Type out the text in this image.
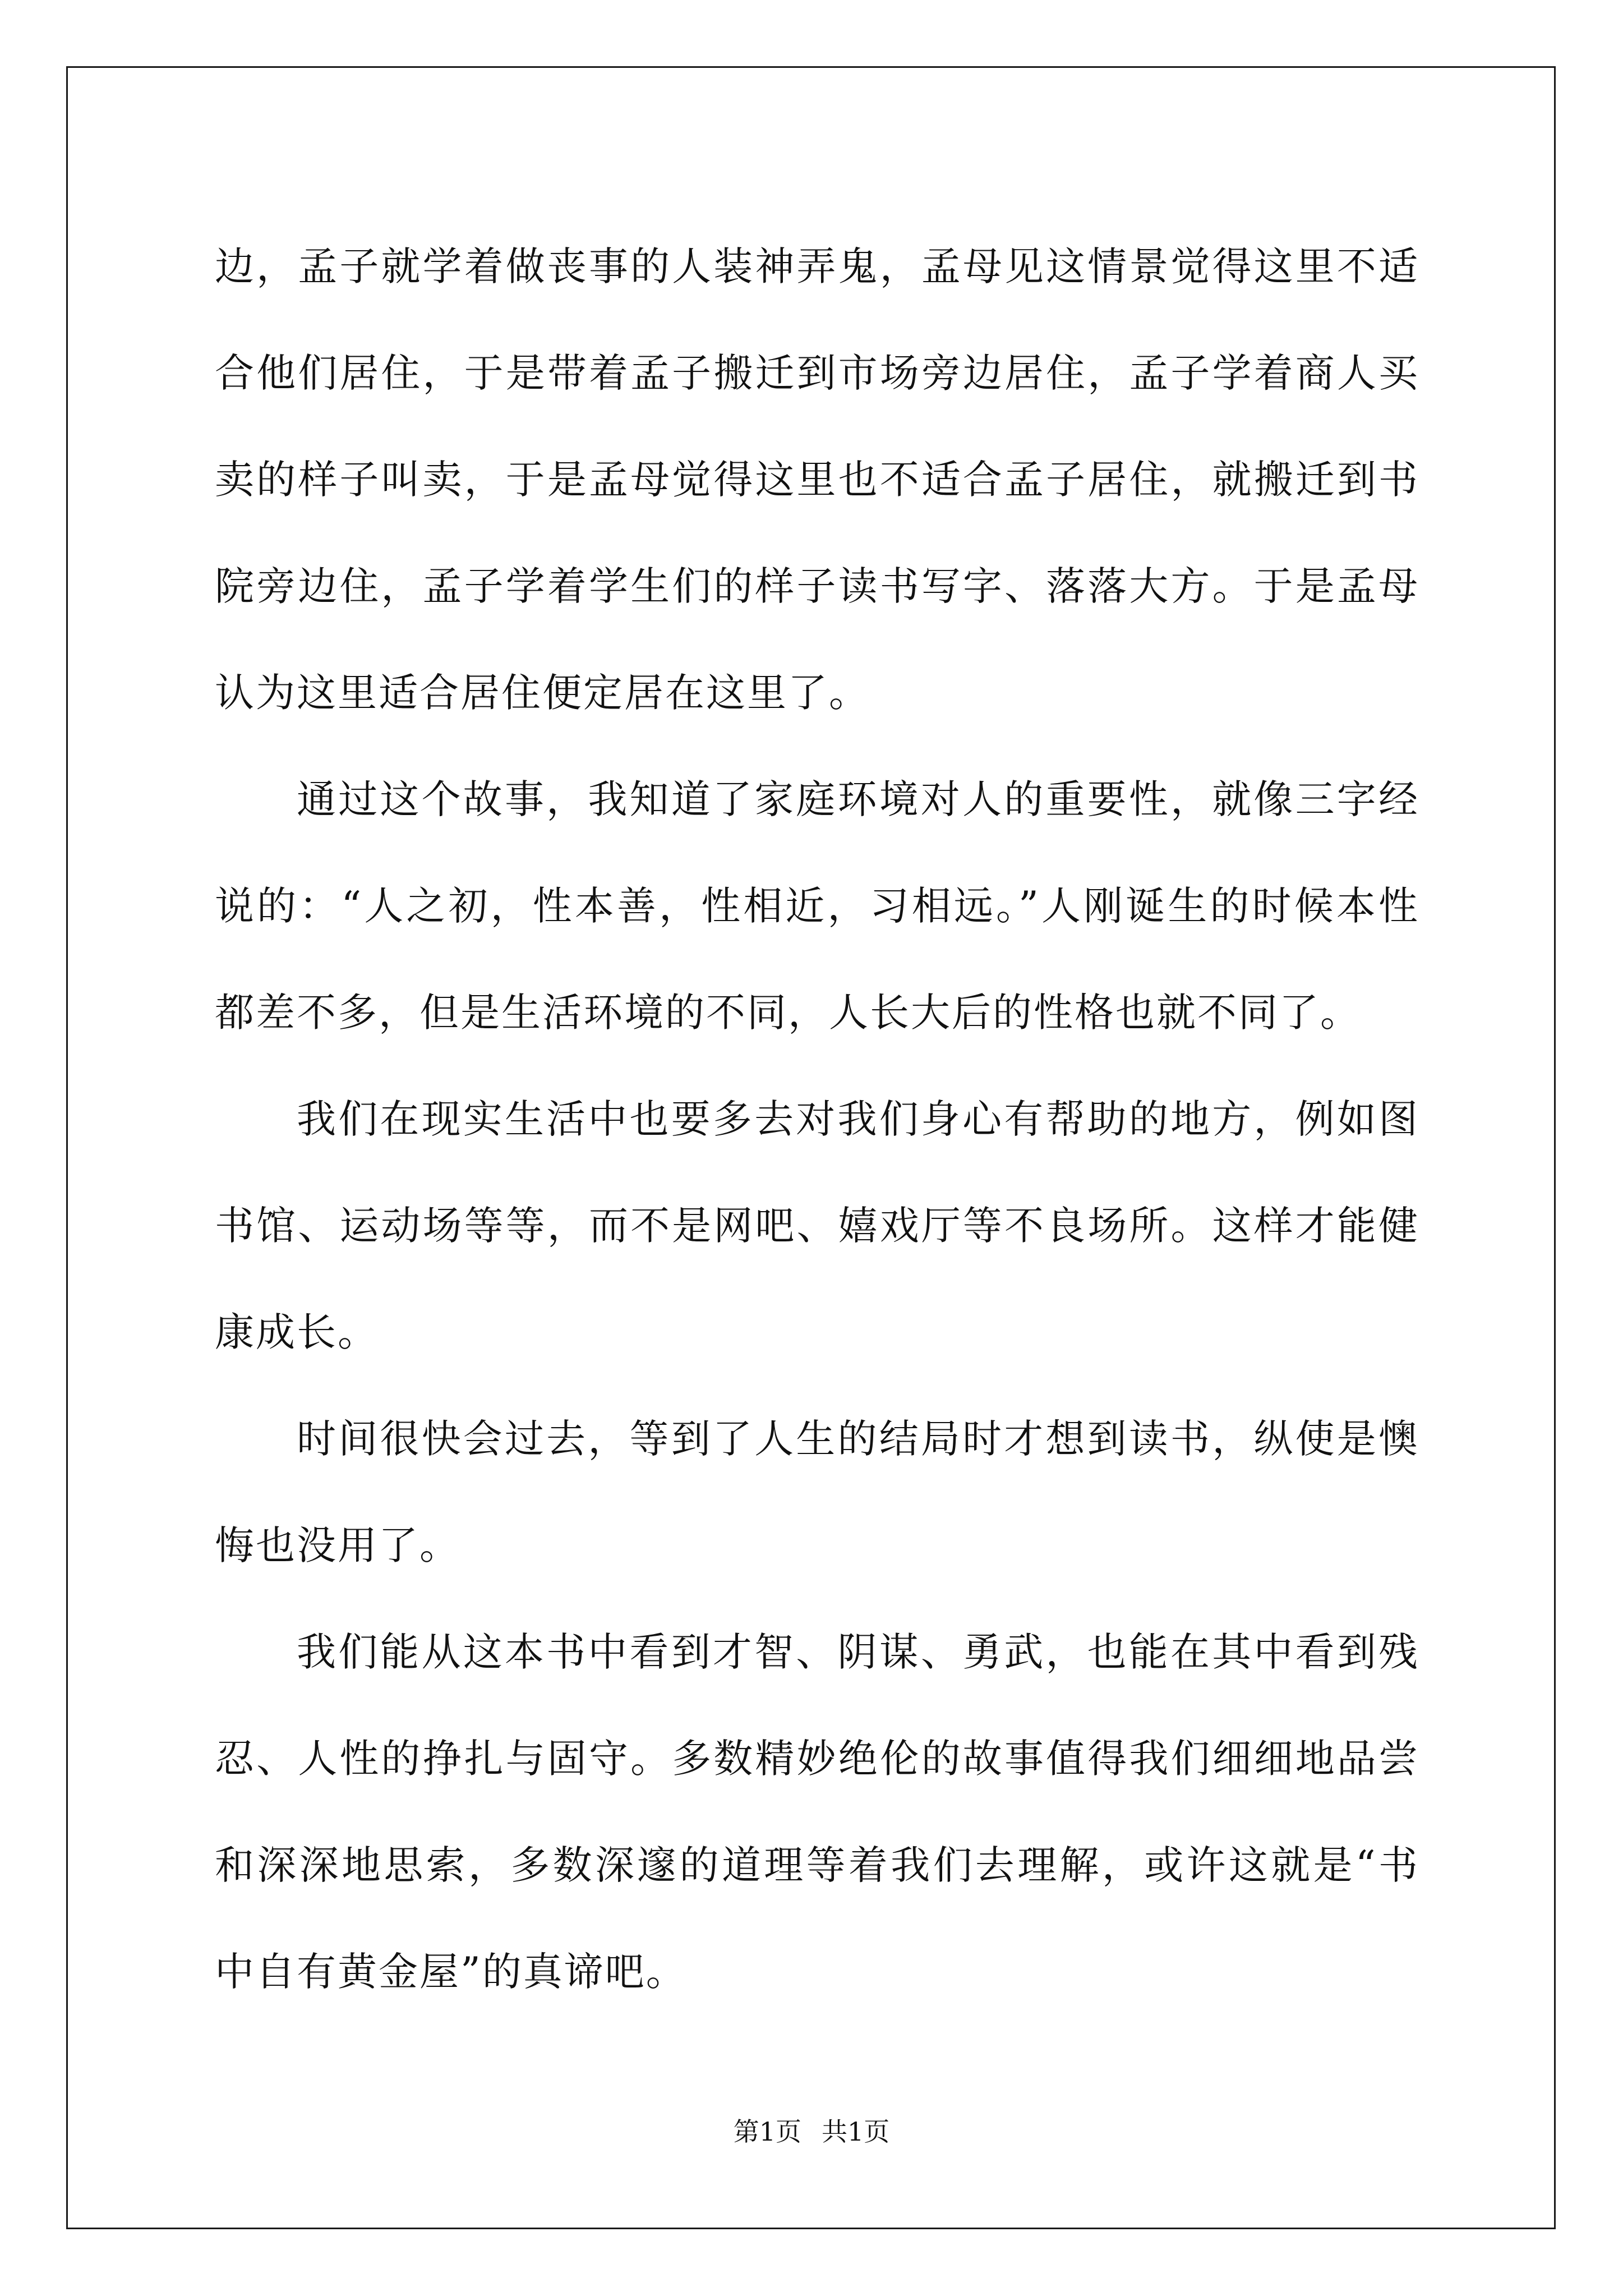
边，孟子就学着做丧事的人装神弄鬼，孟母见这情景觉得这里不适合他们居住，于是带着孟子搬迁到市场旁边居住，孟子学着商人买卖的样子叫卖，于是孟母觉得这里也不适合孟子居住，就搬迁到书院旁边住，孟子学着学生们的样子读书写字、落落大方。于是孟母认为这里适合居住便定居在这里了。

通过这个故事，我知道了家庭环境对人的重要性，就像三字经说的：“人之初，性本善，性相近，习相远。”人刚诞生的时候本性都差不多，但是生活环境的不同，人长大后的性格也就不同了。

我们在现实生活中也要多去对我们身心有帮助的地方，例如图书馆、运动场等等，而不是网吧、嬉戏厅等不良场所。这样才能健康成长。

时间很快会过去，等到了人生的结局时才想到读书，纵使是懊悔也没用了。

我们能从这本书中看到才智、阴谋、勇武，也能在其中看到残忍、人性的挣扎与固守。多数精妙绝伦的故事值得我们细细地品尝和深深地思索，多数深邃的道理等着我们去理解，或许这就是“书中自有黄金屋”的真谛吧。

第1页 共1页
